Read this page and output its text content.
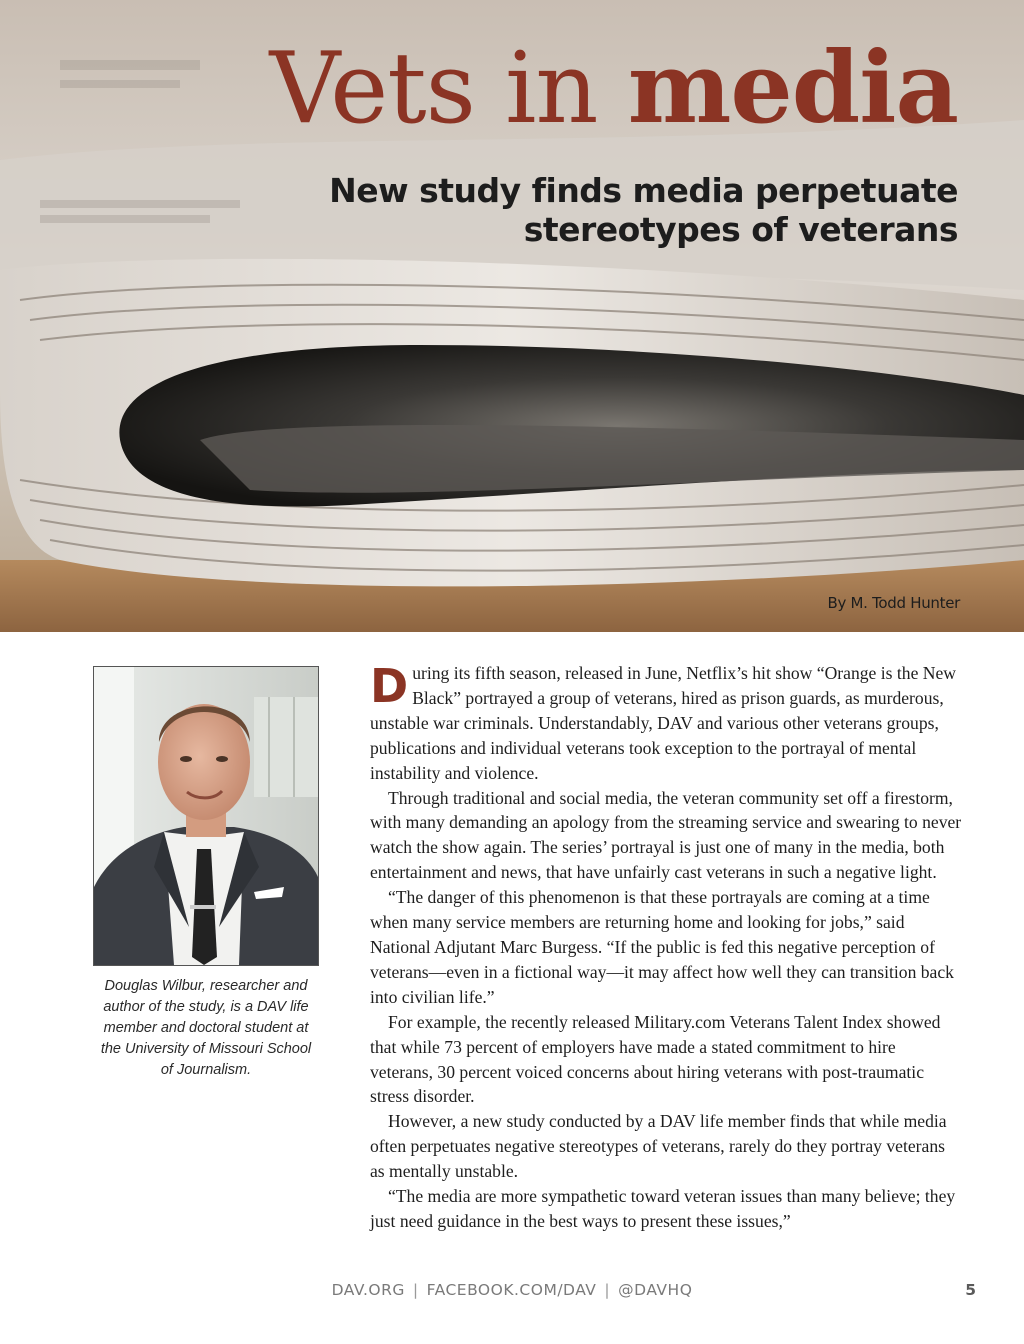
Vets in media
New study finds media perpetuate stereotypes of veterans

By M. Todd Hunter

Douglas Wilbur, researcher and author of the study, is a DAV life member and doctoral student at the University of Missouri School of Journalism.

During its fifth season, released in June, Netflix’s hit show “Orange is the New Black” portrayed a group of veterans, hired as prison guards, as murderous, unstable war criminals. Understandably, DAV and various other veterans groups, publications and individual veterans took exception to the portrayal of mental instability and violence.

Through traditional and social media, the veteran community set off a firestorm, with many demanding an apology from the streaming service and swearing to never watch the show again. The series’ portrayal is just one of many in the media, both entertainment and news, that have unfairly cast veterans in such a negative light.

“The danger of this phenomenon is that these portrayals are coming at a time when many service members are returning home and looking for jobs,” said National Adjutant Marc Burgess. “If the public is fed this negative perception of veterans—even in a fictional way—it may affect how well they can transition back into civilian life.”

For example, the recently released Military.com Veterans Talent Index showed that while 73 percent of employers have made a stated commitment to hire veterans, 30 percent voiced concerns about hiring veterans with post-traumatic stress disorder.

However, a new study conducted by a DAV life member finds that while media often perpetuates negative stereotypes of veterans, rarely do they portray veterans as mentally unstable.

“The media are more sympathetic toward veteran issues than many believe; they just need guidance in the best ways to present these issues,”

DAV.ORG | FACEBOOK.COM/DAV | @DAVHQ	5
